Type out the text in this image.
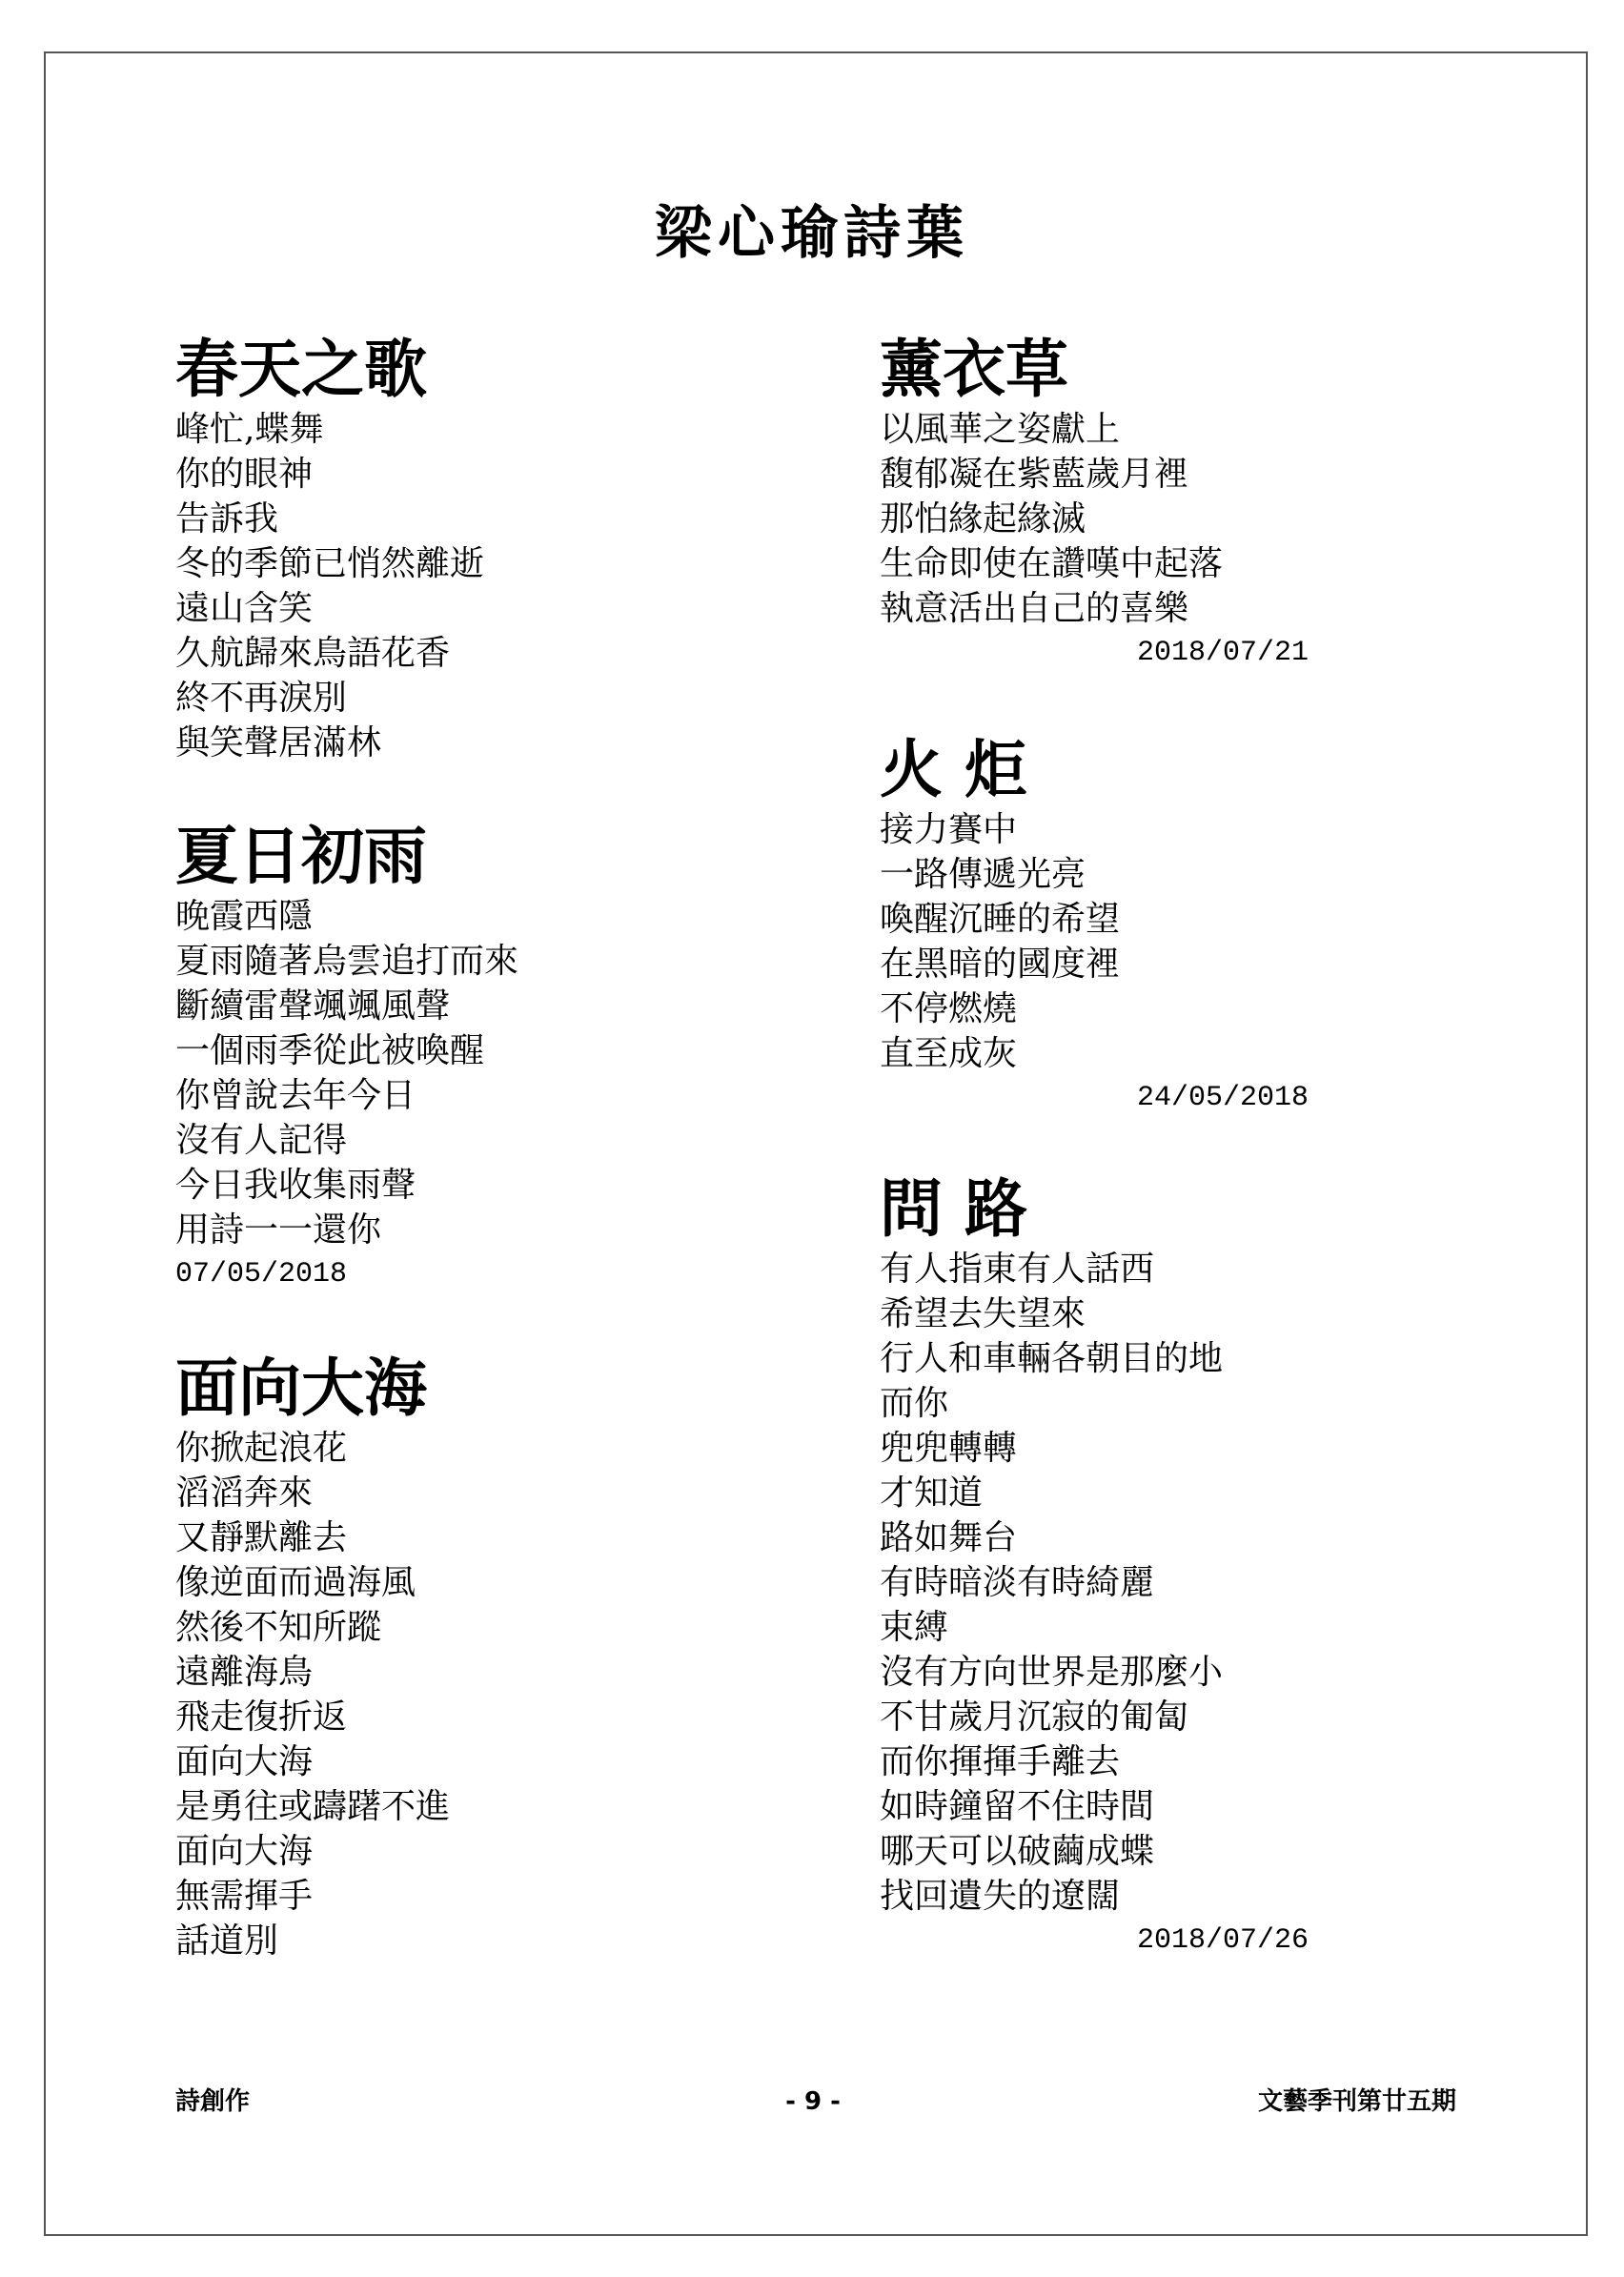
梁心瑜詩葉
春天之歌
峰忙,蝶舞
你的眼神
告訴我
冬的季節已悄然離逝
遠山含笑
久航歸來鳥語花香
終不再淚別
與笑聲居滿林
夏日初雨
晚霞西隱
夏雨隨著烏雲追打而來
斷續雷聲颯颯風聲
一個雨季從此被喚醒
你曾說去年今日
沒有人記得
今日我收集雨聲
用詩一一還你
07/05/2018
面向大海
你掀起浪花
滔滔奔來
又靜默離去
像逆面而過海風
然後不知所蹤
遠離海鳥
飛走復折返
面向大海
是勇往或躊躇不進
面向大海
無需揮手
話道別
薰衣草
以風華之姿獻上
馥郁凝在紫藍歲月裡
那怕緣起緣滅
生命即使在讚嘆中起落
執意活出自己的喜樂
2018/07/21
火 炬
接力賽中
一路傳遞光亮
喚醒沉睡的希望
在黑暗的國度裡
不停燃燒
直至成灰
24/05/2018
問 路
有人指東有人話西
希望去失望來
行人和車輛各朝目的地
而你
兜兜轉轉
才知道
路如舞台
有時暗淡有時綺麗
束縛
沒有方向世界是那麼小
不甘歲月沉寂的匍匐
而你揮揮手離去
如時鐘留不住時間
哪天可以破繭成蝶
找回遺失的遼闊
2018/07/26
詩創作	- 9 -	文藝季刊第廿五期
